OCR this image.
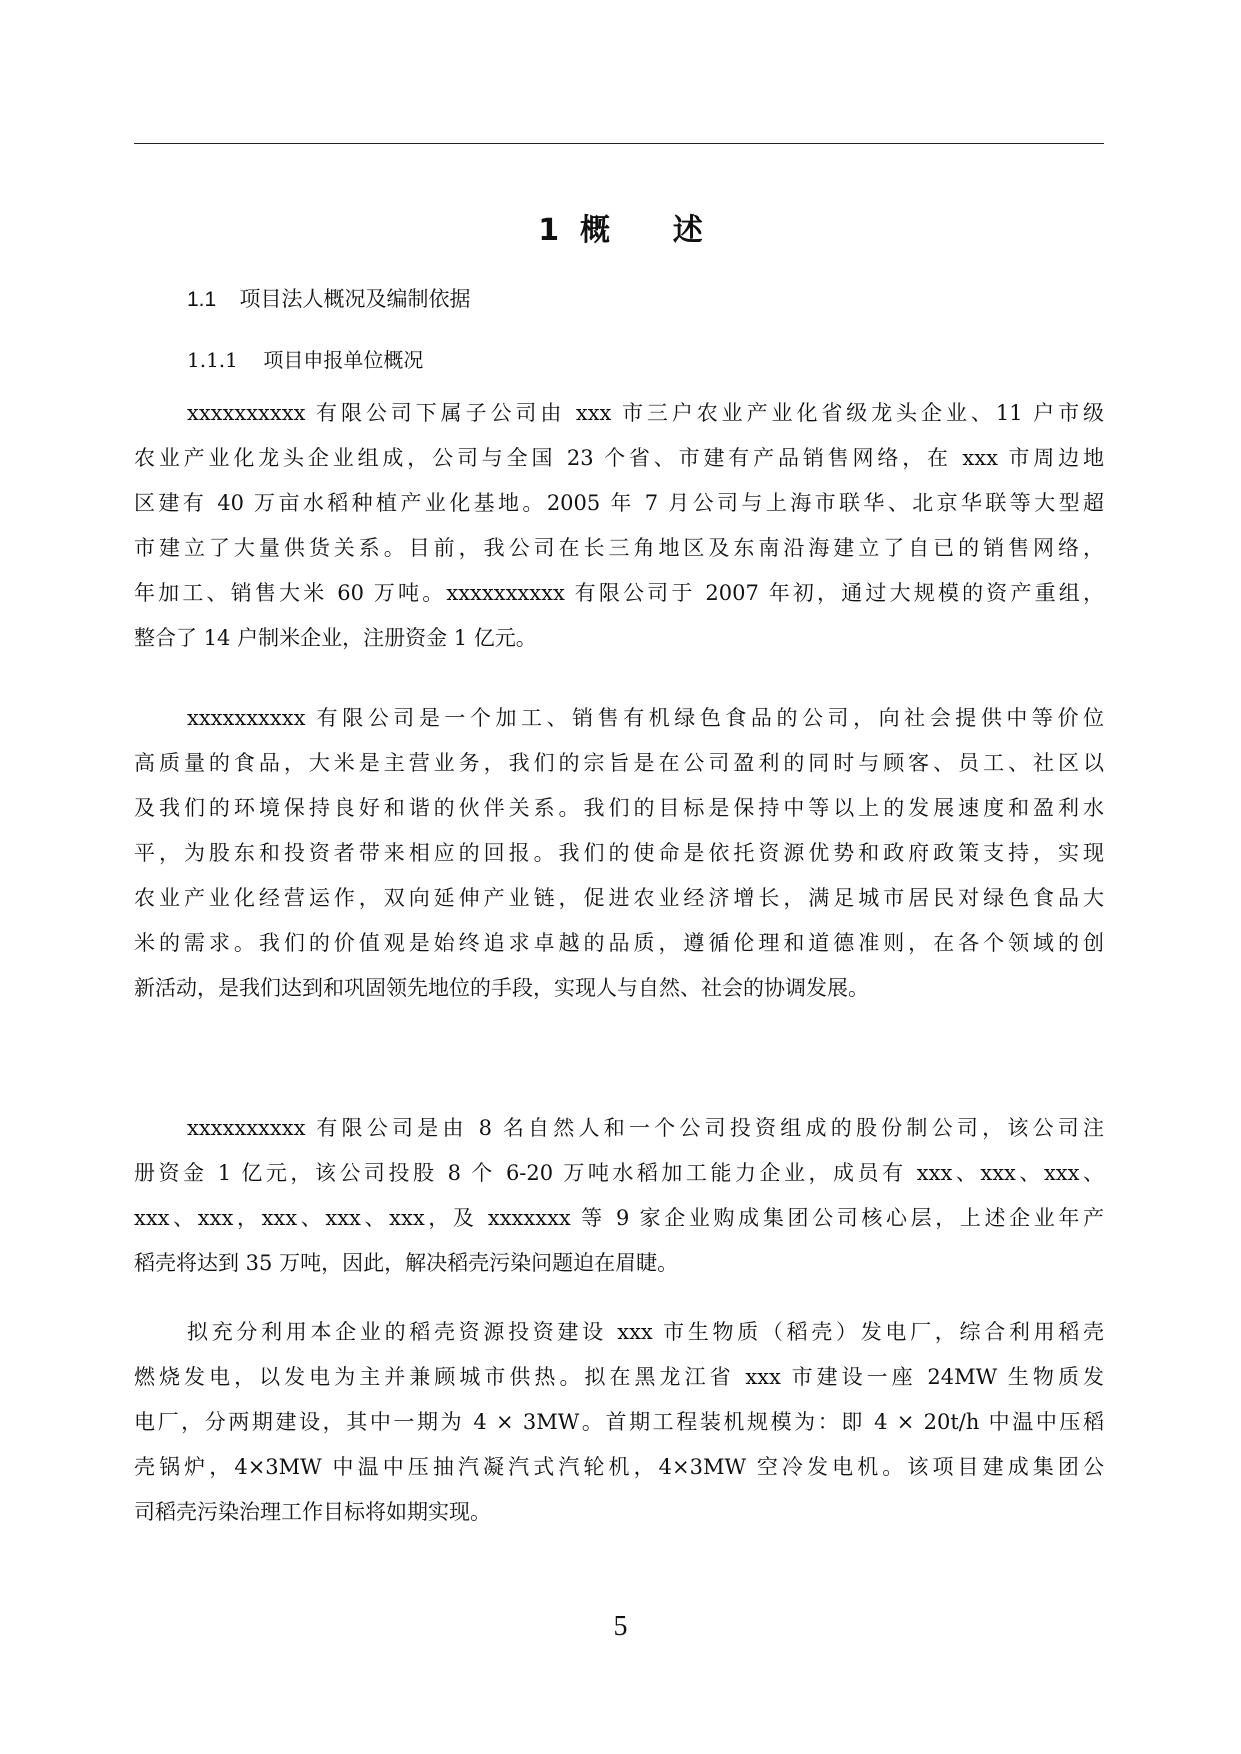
1  概      述
1.1    项目法人概况及编制依据
1.1.1    项目申报单位概况
xxxxxxxxxx 有限公司下属子公司由 xxx 市三户农业产业化省级龙头企业、11 户市级
农业产业化龙头企业组成，公司与全国 23 个省、市建有产品销售网络，在 xxx 市周边地
区建有 40 万亩水稻种植产业化基地。2005 年 7 月公司与上海市联华、北京华联等大型超
市建立了大量供货关系。目前，我公司在长三角地区及东南沿海建立了自已的销售网络，
年加工、销售大米 60 万吨。xxxxxxxxxx 有限公司于 2007 年初，通过大规模的资产重组，
整合了 14 户制米企业，注册资金 1 亿元。
xxxxxxxxxx 有限公司是一个加工、销售有机绿色食品的公司，向社会提供中等价位
高质量的食品，大米是主营业务，我们的宗旨是在公司盈利的同时与顾客、员工、社区以
及我们的环境保持良好和谐的伙伴关系。我们的目标是保持中等以上的发展速度和盈利水
平，为股东和投资者带来相应的回报。我们的使命是依托资源优势和政府政策支持，实现
农业产业化经营运作，双向延伸产业链，促进农业经济增长，满足城市居民对绿色食品大
米的需求。我们的价值观是始终追求卓越的品质，遵循伦理和道德准则，在各个领域的创
新活动，是我们达到和巩固领先地位的手段，实现人与自然、社会的协调发展。
xxxxxxxxxx 有限公司是由 8 名自然人和一个公司投资组成的股份制公司，该公司注
册资金 1 亿元，该公司投股 8 个 6-20 万吨水稻加工能力企业，成员有 xxx、xxx、xxx、
xxx、xxx，xxx、xxx、xxx，及 xxxxxxx 等 9 家企业购成集团公司核心层，上述企业年产
稻壳将达到 35 万吨，因此，解决稻壳污染问题迫在眉睫。
拟充分利用本企业的稻壳资源投资建设 xxx 市生物质（稻壳）发电厂，综合利用稻壳
燃烧发电，以发电为主并兼顾城市供热。拟在黑龙江省 xxx 市建设一座 24MW 生物质发
电厂，分两期建设，其中一期为 4 × 3MW。首期工程装机规模为：即 4 × 20t/h 中温中压稻
壳锅炉，4×3MW 中温中压抽汽凝汽式汽轮机，4×3MW 空冷发电机。该项目建成集团公
司稻壳污染治理工作目标将如期实现。
5
